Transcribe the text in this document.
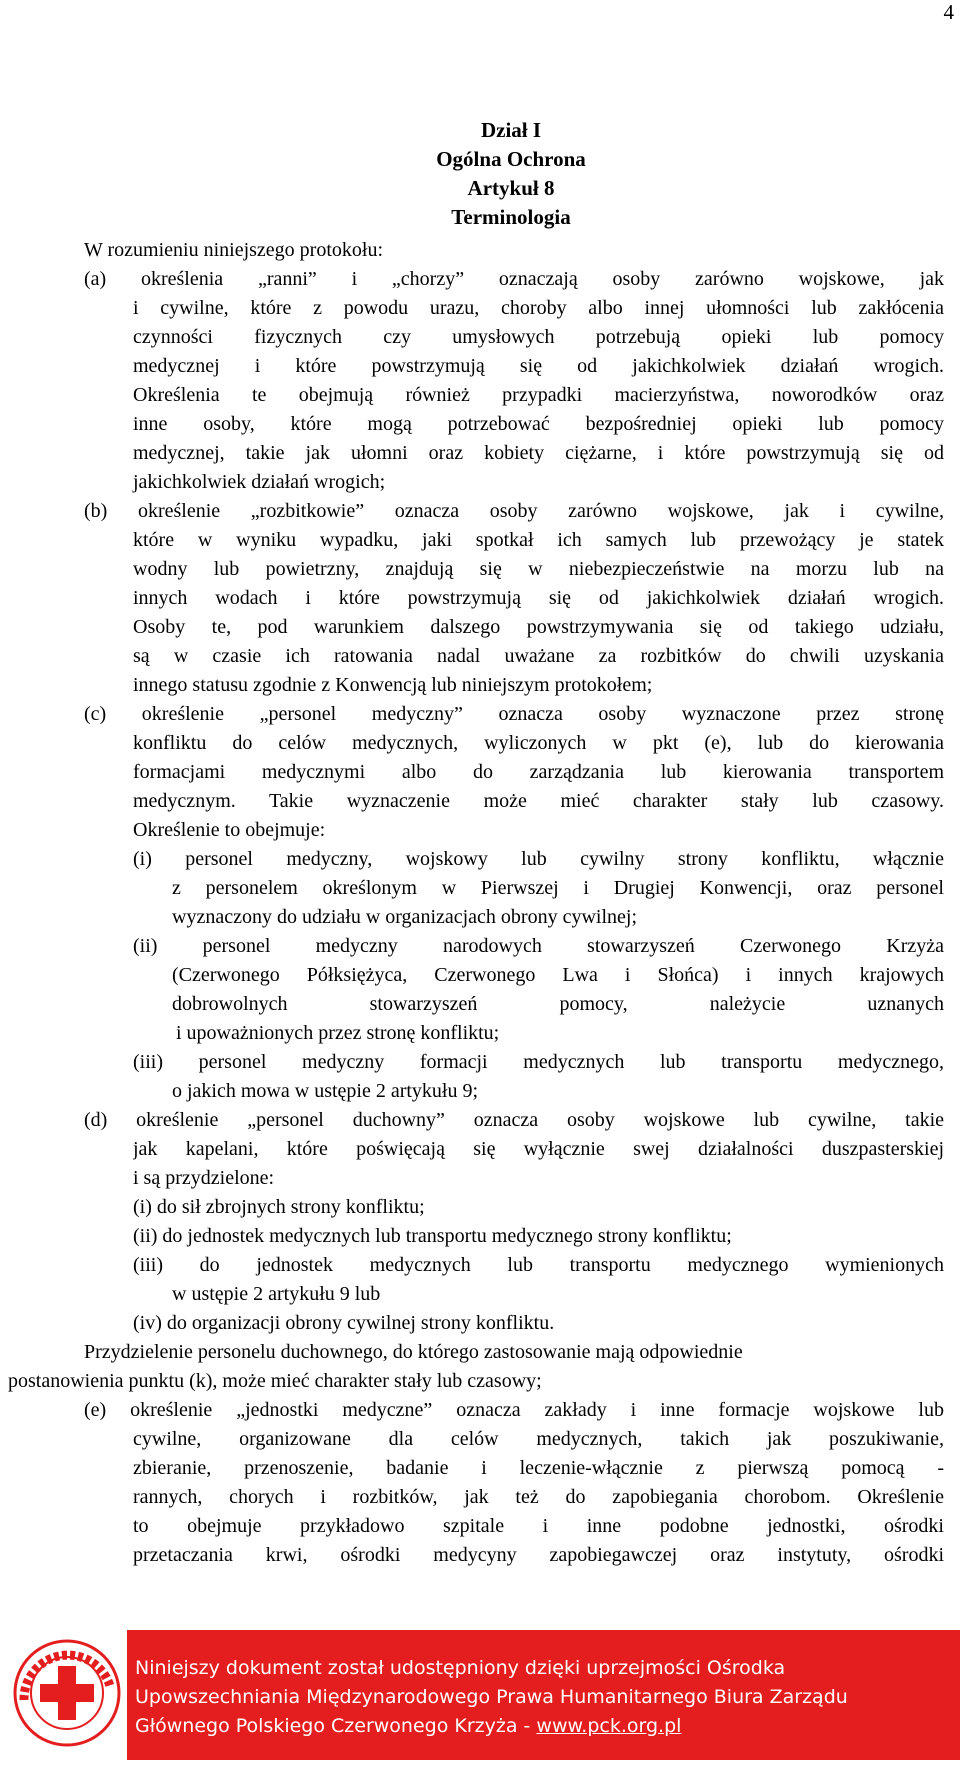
4
Dział I
Ogólna Ochrona
Artykuł 8
Terminologia
W rozumieniu niniejszego protokołu:
(a) określenia „ranni” i „chorzy” oznaczają osoby zarówno wojskowe, jak
i cywilne, które z powodu urazu, choroby albo innej ułomności lub zakłócenia
czynności fizycznych czy umysłowych potrzebują opieki lub pomocy
medycznej i które powstrzymują się od jakichkolwiek działań wrogich.
Określenia te obejmują również przypadki macierzyństwa, noworodków oraz
inne osoby, które mogą potrzebować bezpośredniej opieki lub pomocy
medycznej, takie jak ułomni oraz kobiety ciężarne, i które powstrzymują się od
jakichkolwiek działań wrogich;
(b) określenie „rozbitkowie” oznacza osoby zarówno wojskowe, jak i cywilne,
które w wyniku wypadku, jaki spotkał ich samych lub przewożący je statek
wodny lub powietrzny, znajdują się w niebezpieczeństwie na morzu lub na
innych wodach i które powstrzymują się od jakichkolwiek działań wrogich.
Osoby te, pod warunkiem dalszego powstrzymywania się od takiego udziału,
są w czasie ich ratowania nadal uważane za rozbitków do chwili uzyskania
innego statusu zgodnie z Konwencją lub niniejszym protokołem;
(c) określenie „personel medyczny” oznacza osoby wyznaczone przez stronę
konfliktu do celów medycznych, wyliczonych w pkt (e), lub do kierowania
formacjami medycznymi albo do zarządzania lub kierowania transportem
medycznym. Takie wyznaczenie może mieć charakter stały lub czasowy.
Określenie to obejmuje:
(i) personel medyczny, wojskowy lub cywilny strony konfliktu, włącznie
z personelem określonym w Pierwszej i Drugiej Konwencji, oraz personel
wyznaczony do udziału w organizacjach obrony cywilnej;
(ii) personel medyczny narodowych stowarzyszeń Czerwonego Krzyża
(Czerwonego Półksiężyca, Czerwonego Lwa i Słońca) i innych krajowych
dobrowolnych stowarzyszeń pomocy, należycie uznanych
i upoważnionych przez stronę konfliktu;
(iii) personel medyczny formacji medycznych lub transportu medycznego,
o jakich mowa w ustępie 2 artykułu 9;
(d) określenie „personel duchowny” oznacza osoby wojskowe lub cywilne, takie
jak kapelani, które poświęcają się wyłącznie swej działalności duszpasterskiej
i są przydzielone:
(i) do sił zbrojnych strony konfliktu;
(ii) do jednostek medycznych lub transportu medycznego strony konfliktu;
(iii) do jednostek medycznych lub transportu medycznego wymienionych
w ustępie 2 artykułu 9 lub
(iv) do organizacji obrony cywilnej strony konfliktu.
Przydzielenie personelu duchownego, do którego zastosowanie mają odpowiednie
postanowienia punktu (k), może mieć charakter stały lub czasowy;
(e) określenie „jednostki medyczne” oznacza zakłady i inne formacje wojskowe lub
cywilne, organizowane dla celów medycznych, takich jak poszukiwanie,
zbieranie, przenoszenie, badanie i leczenie-włącznie z pierwszą pomocą -
rannych, chorych i rozbitków, jak też do zapobiegania chorobom. Określenie
to obejmuje przykładowo szpitale i inne podobne jednostki, ośrodki
przetaczania krwi, ośrodki medycyny zapobiegawczej oraz instytuty, ośrodki
Niniejszy dokument został udostępniony dzięki uprzejmości Ośrodka
Upowszechniania Międzynarodowego Prawa Humanitarnego Biura Zarządu
Głównego Polskiego Czerwonego Krzyża - www.pck.org.pl
